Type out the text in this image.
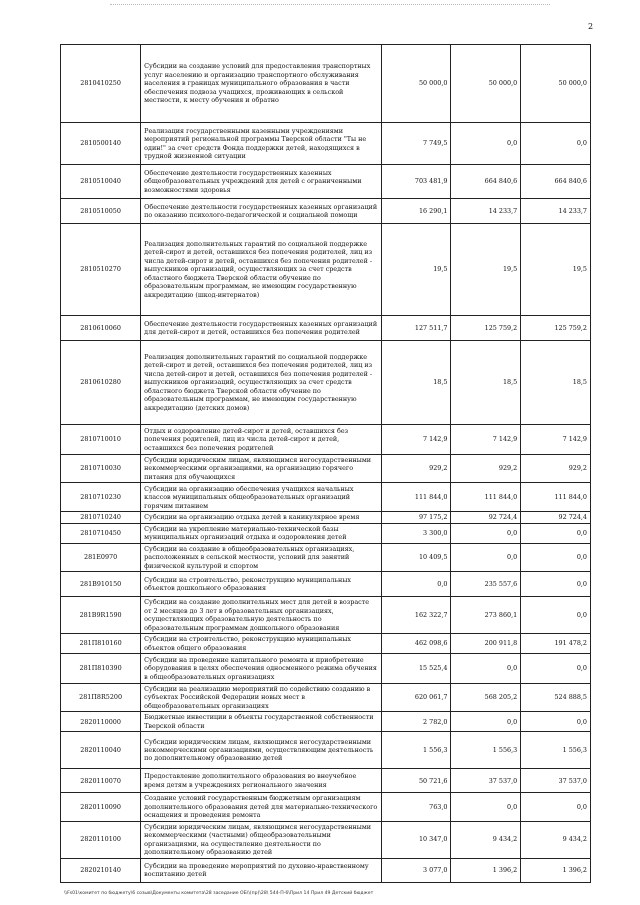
2
2810410250	Субсидии на создание условий для предоставления транспортных услуг населению и организацию транспортного обслуживания населения в границах муниципального образования в части обеспечения подвоза учащихся, проживающих в сельской местности, к месту обучения и обратно	50 000,0	50 000,0	50 000,0
2810500140	Реализация государственными казенными учреждениями мероприятий региональной программы Тверской области "Ты не один!" за счет средств Фонда поддержки детей, находящихся в трудной жизненной ситуации	7 749,5	0,0	0,0
2810510040	Обеспечение деятельности государственных казенных общеобразовательных учреждений для детей с ограниченными возможностями здоровья	703 481,9	664 840,6	664 840,6
2810510050	Обеспечение деятельности государственных казенных организаций по оказанию психолого-педагогической и социальной помощи	16 290,1	14 233,7	14 233,7
2810510270	Реализация дополнительных гарантий по социальной поддержке детей-сирот и детей, оставшихся без попечения родителей, лиц из числа детей-сирот и детей, оставшихся без попечения родителей - выпускников организаций, осуществляющих за счет средств областного бюджета Тверской области обучение по образовательным программам, не имеющим государственную аккредитацию (шкод-интернатов)	19,5	19,5	19,5
2810610060	Обеспечение деятельности государственных казенных организаций для детей-сирот и детей, оставшихся без попечения родителей	127 511,7	125 759,2	125 759,2
2810610280	Реализация дополнительных гарантий по социальной поддержке детей-сирот и детей, оставшихся без попечения родителей, лиц из числа детей-сирот и детей, оставшихся без попечения родителей - выпускников организаций, осуществляющих за счет средств областного бюджета Тверской области обучение по образовательным программам, не имеющим государственную аккредитацию (детских домов)	18,5	18,5	18,5
2810710010	Отдых и оздоровление детей-сирот и детей, оставшихся без попечения родителей, лиц из числа детей-сирот и детей, оставшихся без попечения родителей	7 142,9	7 142,9	7 142,9
2810710030	Субсидии юридическим лицам, являющимся негосударственными некоммерческими организациями, на организацию горячего питания для обучающихся	929,2	929,2	929,2
2810710230	Субсидии на организацию обеспечения учащихся начальных классов муниципальных общеобразовательных организаций горячим питанием	111 844,0	111 844,0	111 844,0
2810710240	Субсидии на организацию отдыха детей в каникулярное время	97 175,2	92 724,4	92 724,4
2810710450	Субсидии на укрепление материально-технической базы муниципальных организаций отдыха и оздоровления детей	3 300,0	0,0	0,0
281Е0970	Субсидии на создание в общеобразовательных организациях, расположенных в сельской местности, условий для занятий физической культурой и спортом	10 409,5	0,0	0,0
281В910150	Субсидии на строительство, реконструкцию муниципальных объектов дошкольного образования	0,0	235 557,6	0,0
281В9R1590	Субсидии на создание дополнительных мест для детей в возрасте от 2 месяцев до 3 лет в образовательных организациях, осуществляющих образовательную деятельность по образовательным программам дошкольного образования	162 322,7	273 860,1	0,0
281П810160	Субсидии на строительство, реконструкцию муниципальных объектов общего образования	462 098,6	200 911,8	191 478,2
281П810390	Субсидии на проведение капитального ремонта и приобретение оборудования в целях обеспечения односменного режима обучения в общеобразовательных организациях	15 525,4	0,0	0,0
281П8R5200	Субсидии на реализацию мероприятий по содействию созданию в субъектах Российской Федерации новых мест в общеобразовательных организациях	620 061,7	568 205,2	524 888,5
2820110000	Бюджетные инвестиции в объекты государственной собственности Тверской области	2 782,0	0,0	0,0
2820110040	Субсидии юридическим лицам, являющимся негосударственными некоммерческими организациями, осуществляющим деятельность по дополнительному образованию детей	1 556,3	1 556,3	1 556,3
2820110070	Предоставление дополнительного образования во внеучебное время детям в учреждениях регионального значения	50 721,6	37 537,0	37 537,0
2820110090	Создание условий государственным бюджетным организациям дополнительного образования детей для материально-технического оснащения и проведения ремонта	763,0	0,0	0,0
2820110100	Субсидии юридическим лицам, являющимся негосударственными некоммерческими (частными) общеобразовательными организациями, на осуществление деятельности по дополнительному образованию детей	10 347,0	9 434,2	9 434,2
2820210140	Субсидии на проведение мероприятий по духовно-нравственному воспитанию детей	3 077,0	1 396,2	1 396,2
\\Fs01\комитет по бюджету\6 созыв\Документы комитета\28 заседание ОБ\\(пр)\28\ 544-П-6\Прил 14 Прил 49 Детский бюджет
